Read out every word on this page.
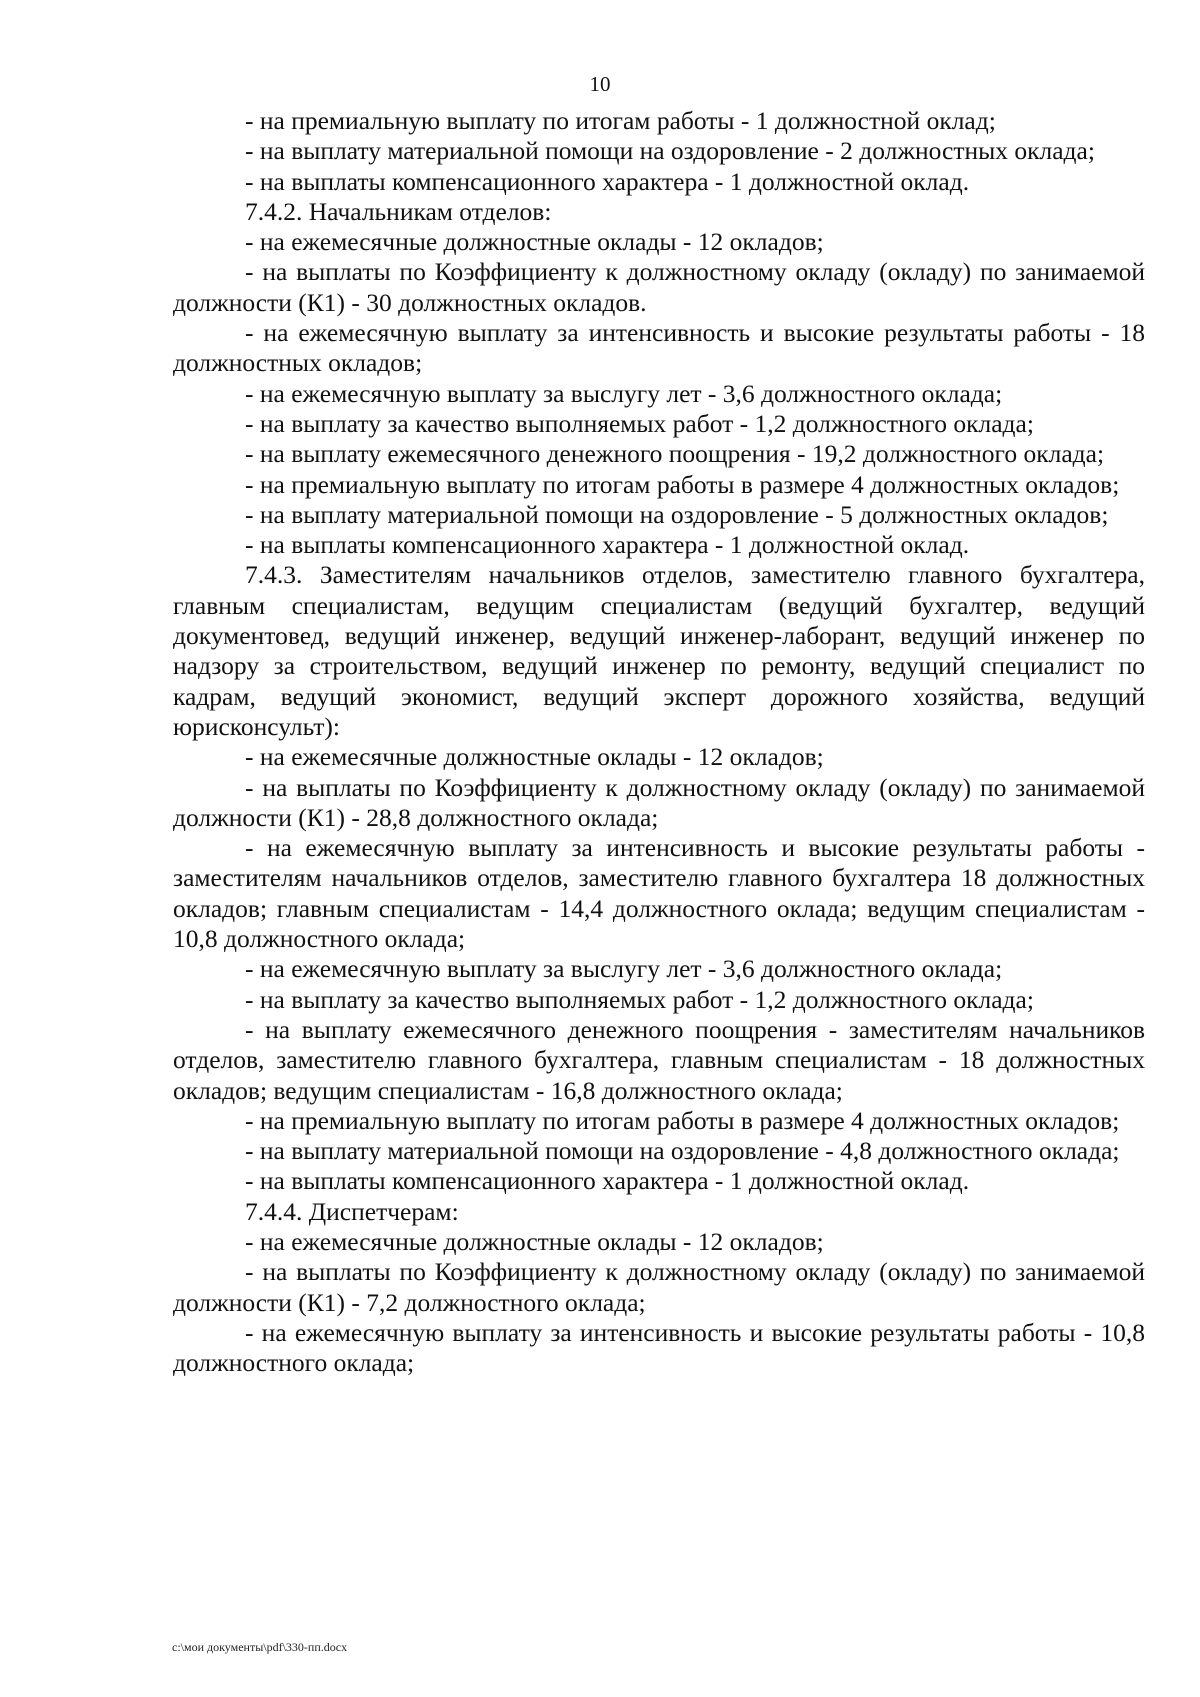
10

- на премиальную выплату по итогам работы - 1 должностной оклад;

- на выплату материальной помощи на оздоровление - 2 должностных оклада;

- на выплаты компенсационного характера - 1 должностной оклад.

7.4.2. Начальникам отделов:

- на ежемесячные должностные оклады - 12 окладов;

- на выплаты по Коэффициенту к должностному окладу (окладу) по занимаемой должности (К1) - 30 должностных окладов.

- на ежемесячную выплату за интенсивность и высокие результаты работы - 18 должностных окладов;

- на ежемесячную выплату за выслугу лет - 3,6 должностного оклада;

- на выплату за качество выполняемых работ - 1,2 должностного оклада;

- на выплату ежемесячного денежного поощрения - 19,2 должностного оклада;

- на премиальную выплату по итогам работы в размере 4 должностных окладов;

- на выплату материальной помощи на оздоровление - 5 должностных окладов;

- на выплаты компенсационного характера - 1 должностной оклад.

7.4.3. Заместителям начальников отделов, заместителю главного бухгалтера, главным специалистам, ведущим специалистам (ведущий бухгалтер, ведущий документовед, ведущий инженер, ведущий инженер-лаборант, ведущий инженер по надзору за строительством, ведущий инженер по ремонту, ведущий специалист по кадрам, ведущий экономист, ведущий эксперт дорожного хозяйства, ведущий юрисконсульт):

- на ежемесячные должностные оклады - 12 окладов;

- на выплаты по Коэффициенту к должностному окладу (окладу) по занимаемой должности (К1) - 28,8 должностного оклада;

- на ежемесячную выплату за интенсивность и высокие результаты работы - заместителям начальников отделов, заместителю главного бухгалтера 18 должностных окладов; главным специалистам - 14,4 должностного оклада; ведущим специалистам - 10,8 должностного оклада;

- на ежемесячную выплату за выслугу лет - 3,6 должностного оклада;

- на выплату за качество выполняемых работ - 1,2 должностного оклада;

- на выплату ежемесячного денежного поощрения - заместителям начальников отделов, заместителю главного бухгалтера, главным специалистам - 18 должностных окладов; ведущим специалистам - 16,8 должностного оклада;

- на премиальную выплату по итогам работы в размере 4 должностных окладов;

- на выплату материальной помощи на оздоровление - 4,8 должностного оклада;

- на выплаты компенсационного характера - 1 должностной оклад.

7.4.4. Диспетчерам:

- на ежемесячные должностные оклады - 12 окладов;

- на выплаты по Коэффициенту к должностному окладу (окладу) по занимаемой должности (К1) - 7,2 должностного оклада;

- на ежемесячную выплату за интенсивность и высокие результаты работы - 10,8 должностного оклада;

c:\мои документы\pdf\330-пп.docx
